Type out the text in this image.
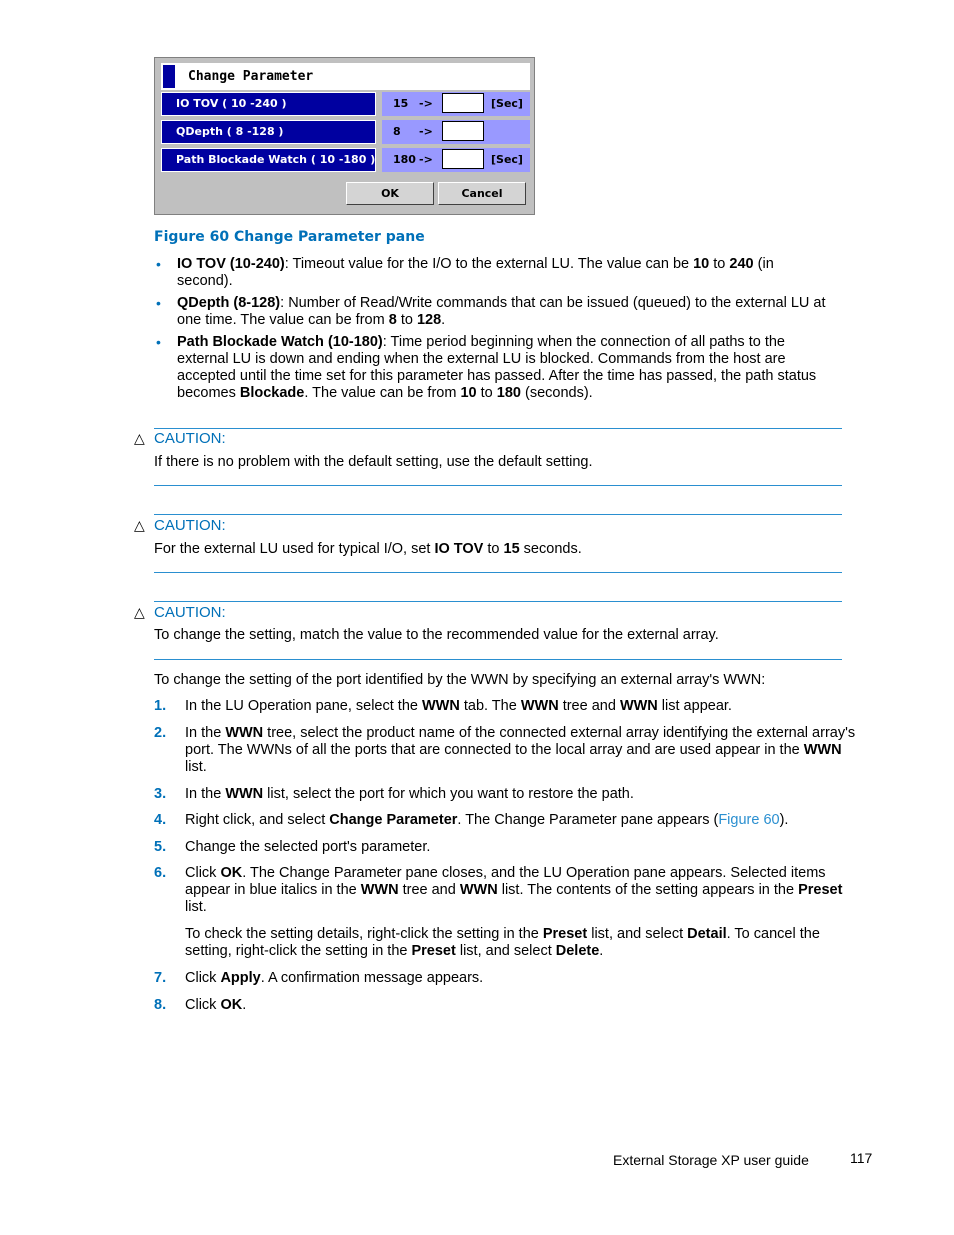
Change Parameter
IO TOV ( 10 -240 )	15 ->	[Sec]
QDepth ( 8 -128 )	8 ->
Path Blockade Watch ( 10 -180 ) 180 ->	[Sec]
OK	Cancel
Figure 60 Change Parameter pane
• IO TOV (10-240): Timeout value for the I/O to the external LU. The value can be 10 to 240 (in second).
• QDepth (8-128): Number of Read/Write commands that can be issued (queued) to the external LU at one time. The value can be from 8 to 128.
• Path Blockade Watch (10-180): Time period beginning when the connection of all paths to the external LU is down and ending when the external LU is blocked. Commands from the host are accepted until the time set for this parameter has passed. After the time has passed, the path status becomes Blockade. The value can be from 10 to 180 (seconds).
△ CAUTION:
If there is no problem with the default setting, use the default setting.
△ CAUTION:
For the external LU used for typical I/O, set IO TOV to 15 seconds.
△ CAUTION:
To change the setting, match the value to the recommended value for the external array.
To change the setting of the port identified by the WWN by specifying an external array's WWN:
1. In the LU Operation pane, select the WWN tab. The WWN tree and WWN list appear.
2. In the WWN tree, select the product name of the connected external array identifying the external array's port. The WWNs of all the ports that are connected to the local array and are used appear in the WWN list.
3. In the WWN list, select the port for which you want to restore the path.
4. Right click, and select Change Parameter. The Change Parameter pane appears (Figure 60).
5. Change the selected port's parameter.
6. Click OK. The Change Parameter pane closes, and the LU Operation pane appears. Selected items appear in blue italics in the WWN tree and WWN list. The contents of the setting appears in the Preset list.
To check the setting details, right-click the setting in the Preset list, and select Detail. To cancel the setting, right-click the setting in the Preset list, and select Delete.
7. Click Apply. A confirmation message appears.
8. Click OK.
External Storage XP user guide	117
